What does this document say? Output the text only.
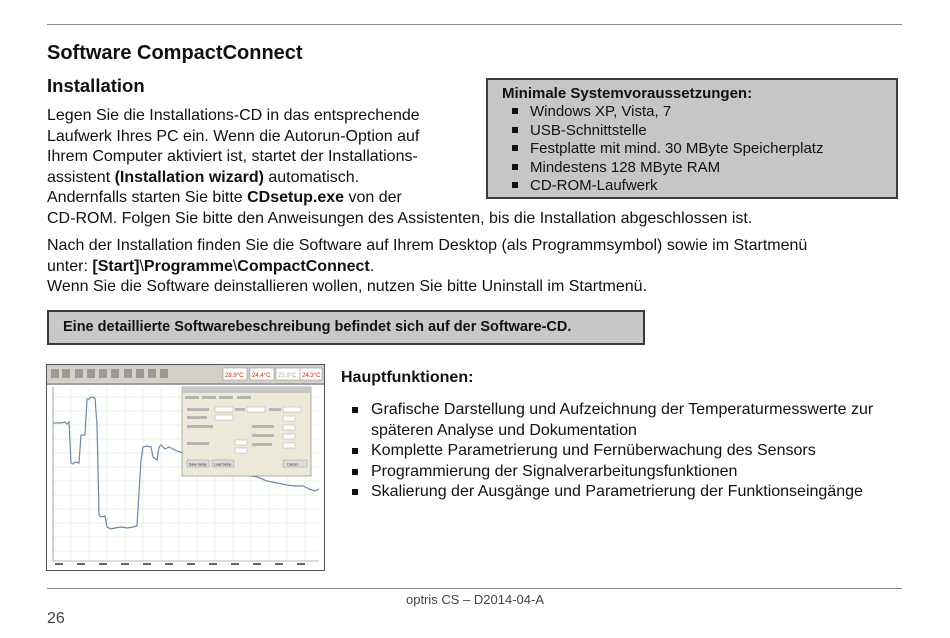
Software CompactConnect
Installation

Legen Sie die Installations-CD in das entsprechende
Laufwerk Ihres PC ein. Wenn die Autorun-Option auf
Ihrem Computer aktiviert ist, startet der Installations-
assistent (Installation wizard) automatisch.
Andernfalls starten Sie bitte CDsetup.exe von der
CD-ROM. Folgen Sie bitte den Anweisungen des Assistenten, bis die Installation abgeschlossen ist.

Minimale Systemvoraussetzungen:
Windows XP, Vista, 7
USB-Schnittstelle
Festplatte mit mind. 30 MByte Speicherplatz
Mindestens 128 MByte RAM
CD-ROM-Laufwerk

Nach der Installation finden Sie die Software auf Ihrem Desktop (als Programmsymbol) sowie im Startmenü
unter: [Start]\Programme\CompactConnect.
Wenn Sie die Software deinstallieren wollen, nutzen Sie bitte Uninstall im Startmenü.

Eine detaillierte Softwarebeschreibung befindet sich auf der Software-CD.
28.9°C 24.4°C 23.9°C 24.3°C
Save Setup Load Setup	Cancel
Hauptfunktionen:
Grafische Darstellung und Aufzeichnung der Temperaturmesswerte zur späteren Analyse und Dokumentation
Komplette Parametrierung und Fernüberwachung des Sensors
Programmierung der Signalverarbeitungsfunktionen
Skalierung der Ausgänge und Parametrierung der Funktionseingänge
optris CS – D2014-04-A
26
